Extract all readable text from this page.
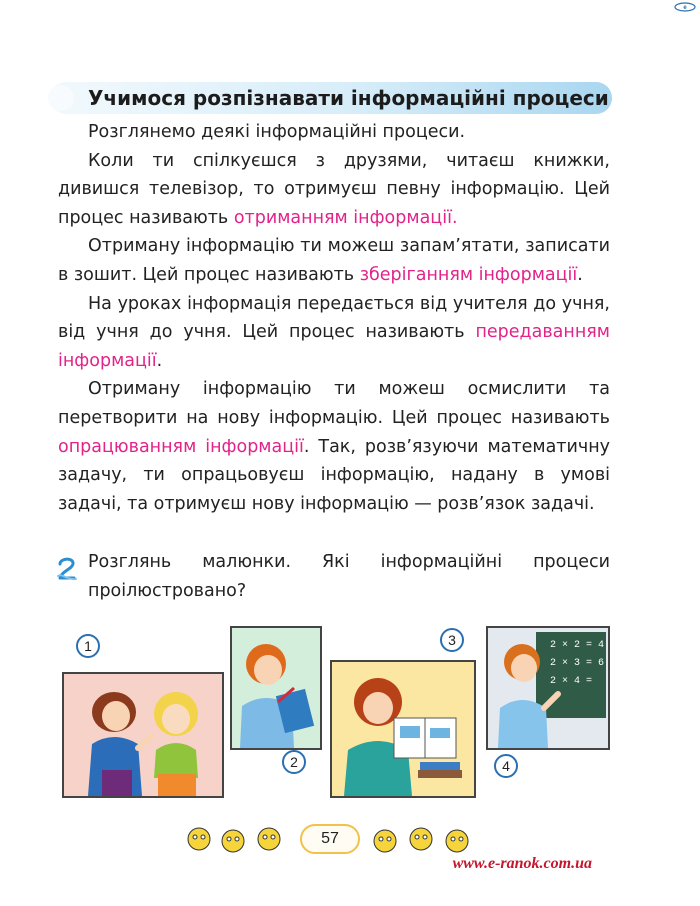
e
Учимося розпізнавати інформаційні процеси

Розглянемо деякі інформаційні процеси.

Коли ти спілкуєшся з друзями, читаєш книжки, дивишся телевізор, то отримуєш певну інформацію. Цей процес називають отриманням інформації.

Отриману інформацію ти можеш запам’ятати, записати в зошит. Цей процес називають зберіганням інформації.

На уроках інформація передається від учителя до учня, від учня до учня. Цей процес називають передаванням інформації.

Отриману інформацію ти можеш осмислити та перетворити на нову інформацію. Цей процес називають опрацюванням інформації. Так, розв’язуючи математичну задачу, ти опрацьовуєш інформацію, надану в умові задачі, та отримуєш нову інформацію — розв’язок задачі.

Розглянь малюнки. Які інформаційні процеси проілюстровано?
1
2
3	2 × 2 = 4
2 × 3 = 6
2 × 4 =
4
57
www.e-ranok.com.ua
